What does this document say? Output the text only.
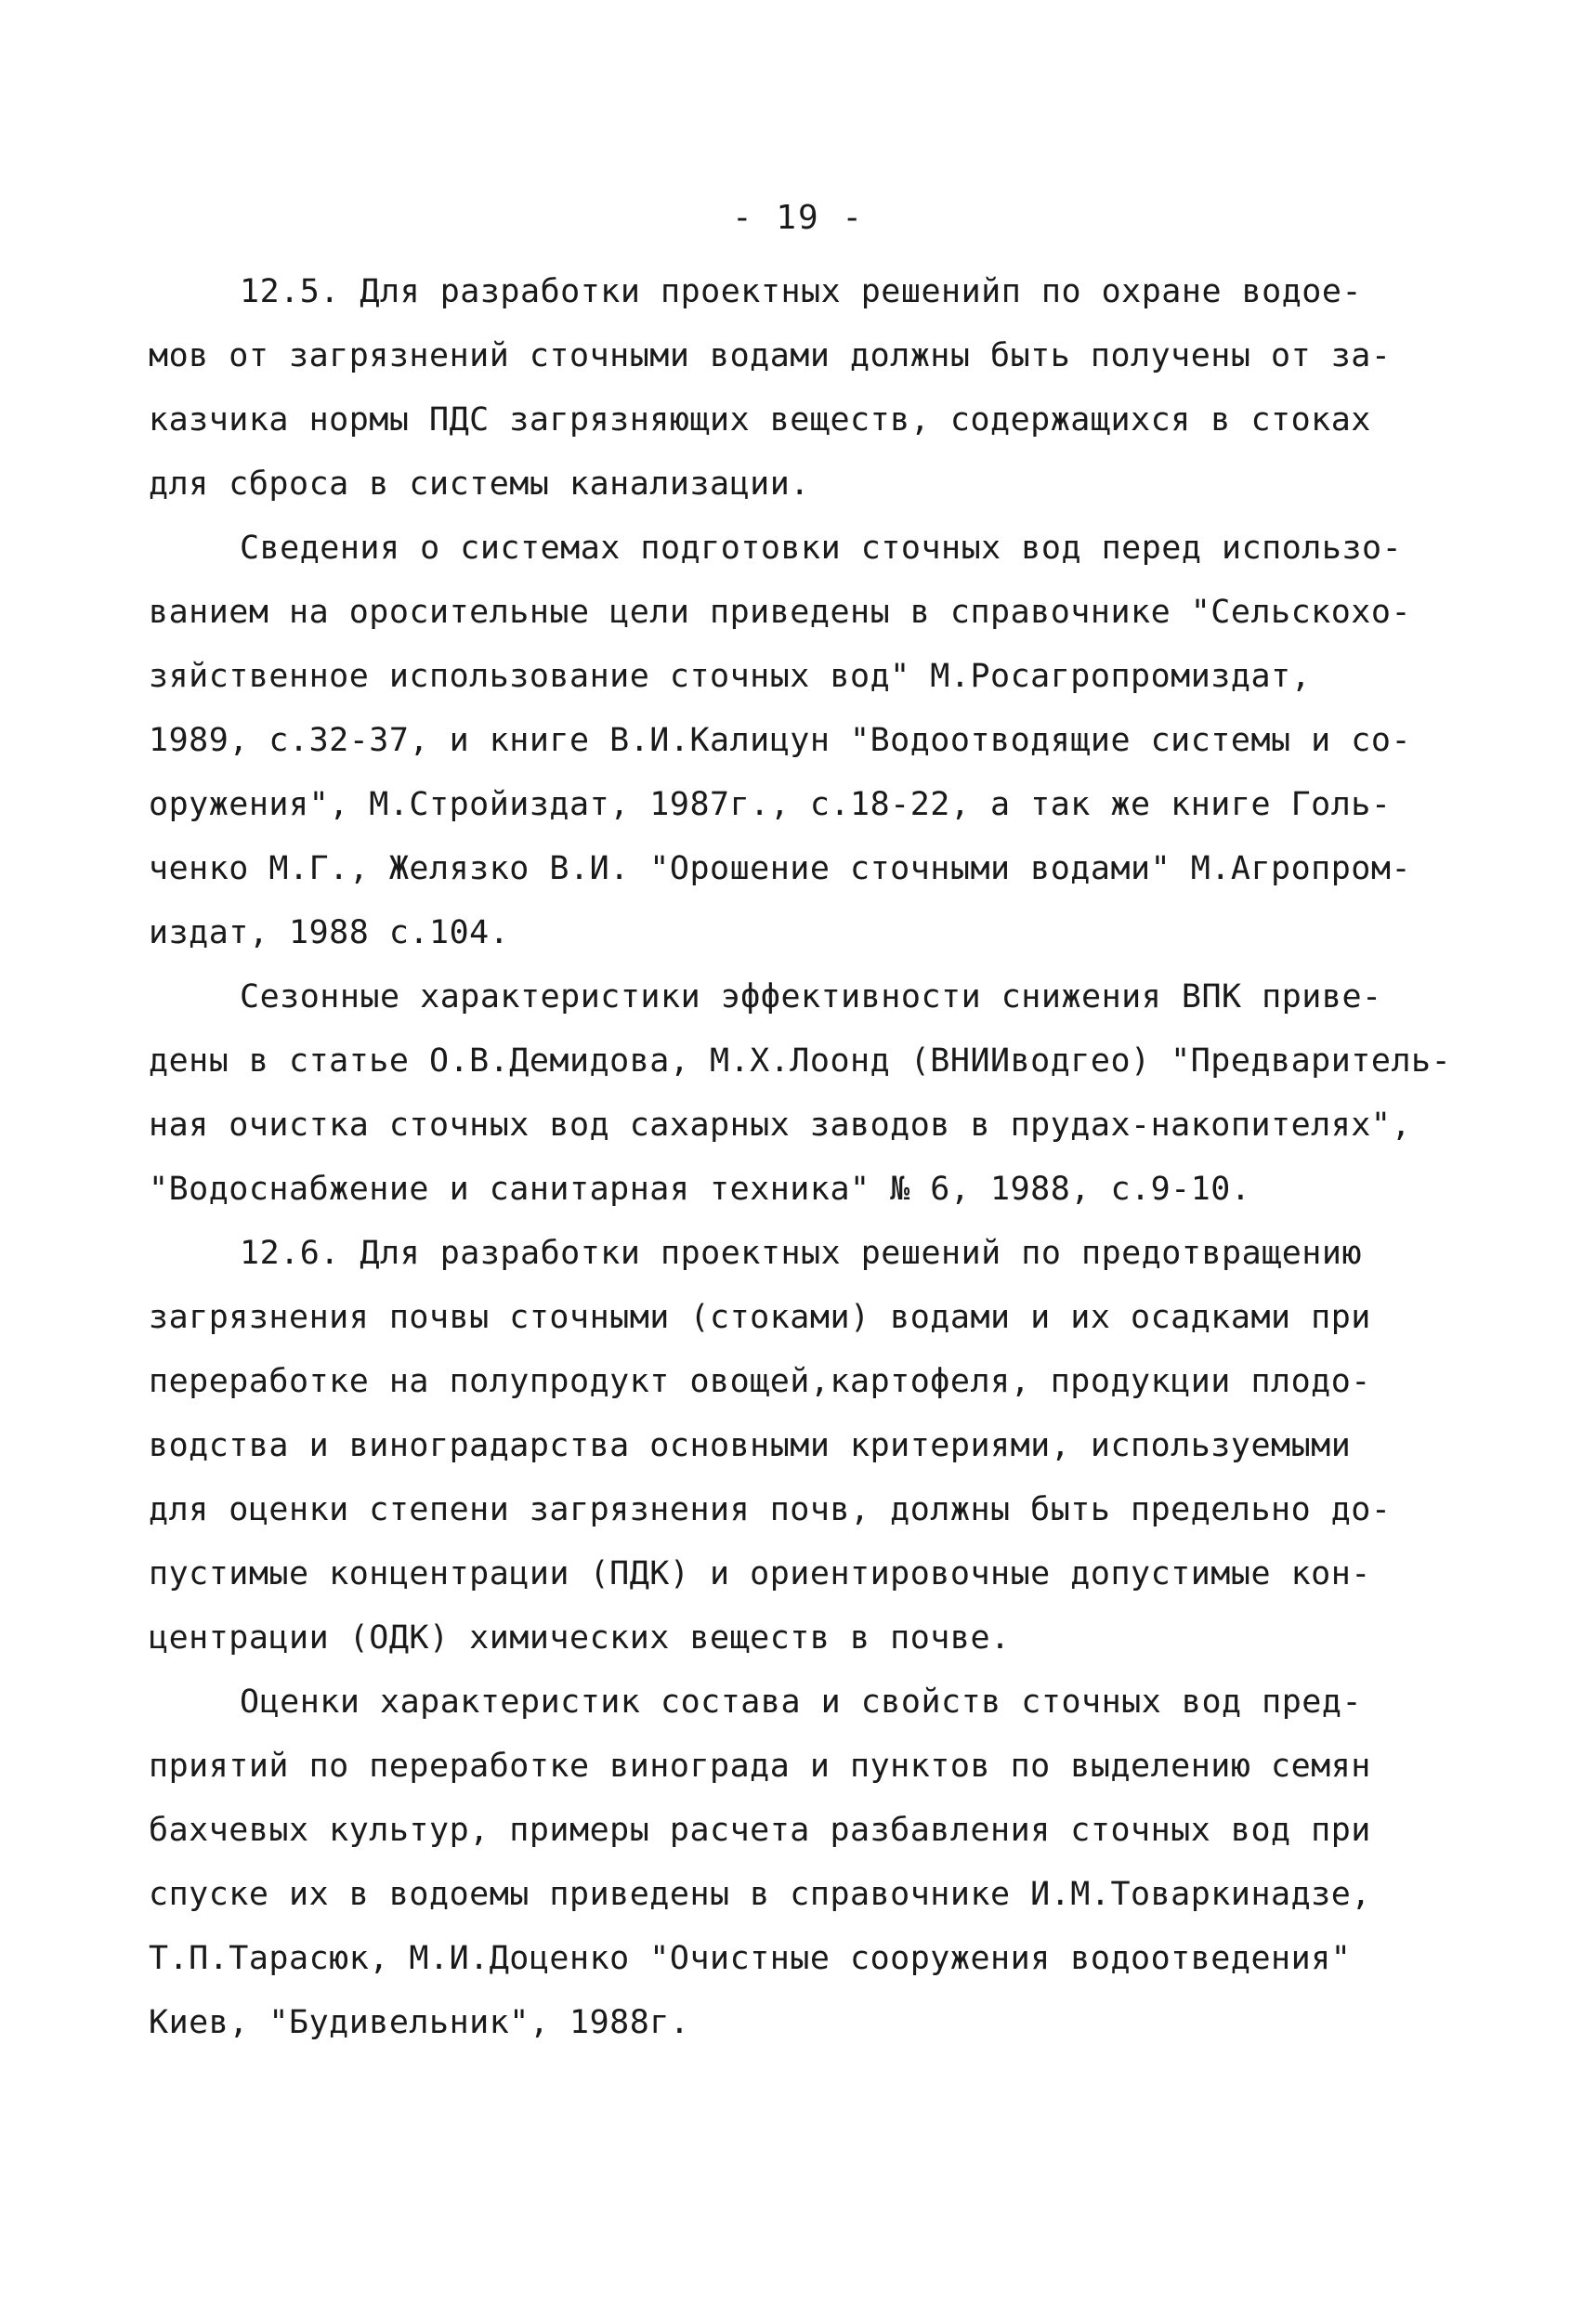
- 19 -
12.5. Для разработки проектных решенийп по охране водое-
мов от загрязнений сточными водами должны быть получены от за-
казчика нормы ПДС загрязняющих веществ, содержащихся в стоках
для сброса в системы канализации.
Сведения о системах подготовки сточных вод перед использо-
ванием на оросительные цели приведены в справочнике "Сельскохо-
зяйственное использование сточных вод" М.Росагропромиздат,
1989, с.32-37, и книге В.И.Калицун "Водоотводящие системы и со-
оружения", М.Стройиздат, 1987г., с.18-22, а так же книге Голь-
ченко М.Г., Желязко В.И. "Орошение сточными водами" М.Агропром-
издат, 1988 с.104.
Сезонные характеристики эффективности снижения ВПК приве-
дены в статье О.В.Демидова, М.Х.Лоонд (ВНИИводгео) "Предваритель-
ная очистка сточных вод сахарных заводов в прудах-накопителях",
"Водоснабжение и санитарная техника" № 6, 1988, с.9-10.
12.6. Для разработки проектных решений по предотвращению
загрязнения почвы сточными (стоками) водами и их осадками при
переработке на полупродукт овощей,картофеля, продукции плодо-
водства и виноградарства основными критериями, используемыми
для оценки степени загрязнения почв, должны быть предельно до-
пустимые концентрации (ПДК) и ориентировочные допустимые кон-
центрации (ОДК) химических веществ в почве.
Оценки характеристик состава и свойств сточных вод пред-
приятий по переработке винограда и пунктов по выделению семян
бахчевых культур, примеры расчета разбавления сточных вод при
спуске их в водоемы приведены в справочнике И.М.Товаркинадзе,
Т.П.Тарасюк, М.И.Доценко "Очистные сооружения водоотведения"
Киев, "Будивельник", 1988г.
